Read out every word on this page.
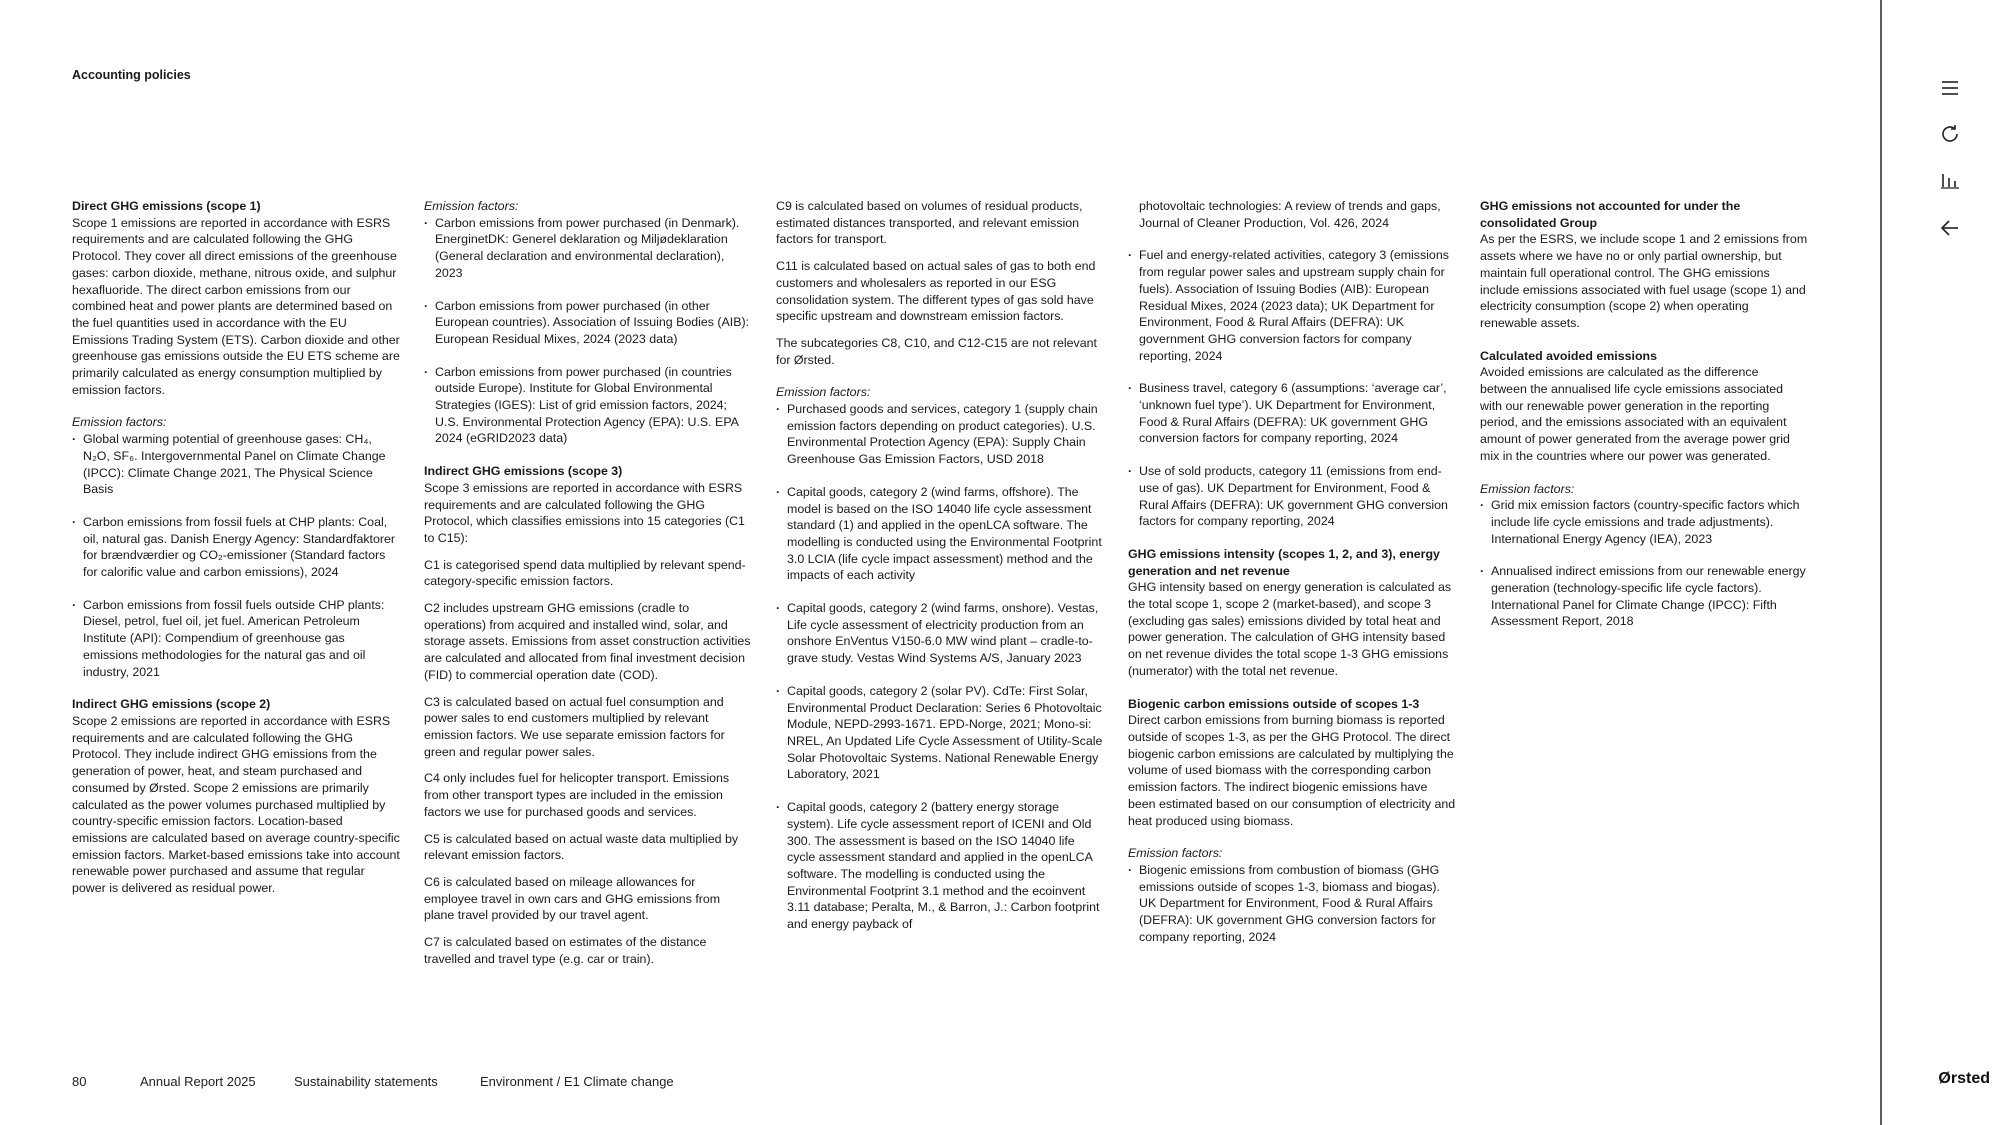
Accounting policies
Direct GHG emissions (scope 1)
Scope 1 emissions are reported in accordance with ESRS requirements and are calculated following the GHG Protocol. They cover all direct emissions of the greenhouse gases: carbon dioxide, methane, nitrous oxide, and sulphur hexafluoride. The direct carbon emissions from our combined heat and power plants are determined based on the fuel quantities used in accordance with the EU Emissions Trading System (ETS). Carbon dioxide and other greenhouse gas emissions outside the EU ETS scheme are primarily calculated as energy consumption multiplied by emission factors.
Emission factors:
· Global warming potential of greenhouse gases: CH₄, N₂O, SF₆. Intergovernmental Panel on Climate Change (IPCC): Climate Change 2021, The Physical Science Basis
· Carbon emissions from fossil fuels at CHP plants: Coal, oil, natural gas. Danish Energy Agency: Standardfaktorer for brændværdier og CO₂-emissioner (Standard factors for calorific value and carbon emissions), 2024
· Carbon emissions from fossil fuels outside CHP plants: Diesel, petrol, fuel oil, jet fuel. American Petroleum Institute (API): Compendium of greenhouse gas emissions methodologies for the natural gas and oil industry, 2021
Indirect GHG emissions (scope 2)
Scope 2 emissions are reported in accordance with ESRS requirements and are calculated following the GHG Protocol. They include indirect GHG emissions from the generation of power, heat, and steam purchased and consumed by Ørsted. Scope 2 emissions are primarily calculated as the power volumes purchased multiplied by country-specific emission factors. Location-based emissions are calculated based on average country-specific emission factors. Market-based emissions take into account renewable power purchased and assume that regular power is delivered as residual power.
Emission factors:
· Carbon emissions from power purchased (in Denmark). EnerginetDK: Generel deklaration og Miljødeklaration (General declaration and environmental declaration), 2023
· Carbon emissions from power purchased (in other European countries). Association of Issuing Bodies (AIB): European Residual Mixes, 2024 (2023 data)
· Carbon emissions from power purchased (in countries outside Europe). Institute for Global Environmental Strategies (IGES): List of grid emission factors, 2024; U.S. Environmental Protection Agency (EPA): U.S. EPA 2024 (eGRID2023 data)
Indirect GHG emissions (scope 3)
Scope 3 emissions are reported in accordance with ESRS requirements and are calculated following the GHG Protocol, which classifies emissions into 15 categories (C1 to C15):

C1 is categorised spend data multiplied by relevant spend-category-specific emission factors.

C2 includes upstream GHG emissions (cradle to operations) from acquired and installed wind, solar, and storage assets. Emissions from asset construction activities are calculated and allocated from final investment decision (FID) to commercial operation date (COD).

C3 is calculated based on actual fuel consumption and power sales to end customers multiplied by relevant emission factors. We use separate emission factors for green and regular power sales.

C4 only includes fuel for helicopter transport. Emissions from other transport types are included in the emission factors we use for purchased goods and services.

C5 is calculated based on actual waste data multiplied by relevant emission factors.

C6 is calculated based on mileage allowances for employee travel in own cars and GHG emissions from plane travel provided by our travel agent.

C7 is calculated based on estimates of the distance travelled and travel type (e.g. car or train).

C9 is calculated based on volumes of residual products, estimated distances transported, and relevant emission factors for transport.

C11 is calculated based on actual sales of gas to both end customers and wholesalers as reported in our ESG consolidation system. The different types of gas sold have specific upstream and downstream emission factors.

The subcategories C8, C10, and C12-C15 are not relevant for Ørsted.

Emission factors:
· Purchased goods and services, category 1 (supply chain emission factors depending on product categories). U.S. Environmental Protection Agency (EPA): Supply Chain Greenhouse Gas Emission Factors, USD 2018
· Capital goods, category 2 (wind farms, offshore). The model is based on the ISO 14040 life cycle assessment standard (1) and applied in the openLCA software. The modelling is conducted using the Environmental Footprint 3.0 LCIA (life cycle impact assessment) method and the impacts of each activity
· Capital goods, category 2 (wind farms, onshore). Vestas, Life cycle assessment of electricity production from an onshore EnVentus V150-6.0 MW wind plant – cradle-to-grave study. Vestas Wind Systems A/S, January 2023
· Capital goods, category 2 (solar PV). CdTe: First Solar, Environmental Product Declaration: Series 6 Photovoltaic Module, NEPD-2993-1671. EPD-Norge, 2021; Mono-si: NREL, An Updated Life Cycle Assessment of Utility-Scale Solar Photovoltaic Systems. National Renewable Energy Laboratory, 2021
· Capital goods, category 2 (battery energy storage system). Life cycle assessment report of ICENI and Old 300. The assessment is based on the ISO 14040 life cycle assessment standard and applied in the openLCA software. The modelling is conducted using the Environmental Footprint 3.1 method and the ecoinvent 3.11 database; Peralta, M., & Barron, J.: Carbon footprint and energy payback of
photovoltaic technologies: A review of trends and gaps, Journal of Cleaner Production, Vol. 426, 2024
· Fuel and energy-related activities, category 3 (emissions from regular power sales and upstream supply chain for fuels). Association of Issuing Bodies (AIB): European Residual Mixes, 2024 (2023 data); UK Department for Environment, Food & Rural Affairs (DEFRA): UK government GHG conversion factors for company reporting, 2024
· Business travel, category 6 (assumptions: ‘average car’, ‘unknown fuel type’). UK Department for Environment, Food & Rural Affairs (DEFRA): UK government GHG conversion factors for company reporting, 2024
· Use of sold products, category 11 (emissions from end-use of gas). UK Department for Environment, Food & Rural Affairs (DEFRA): UK government GHG conversion factors for company reporting, 2024
GHG emissions intensity (scopes 1, 2, and 3), energy generation and net revenue
GHG intensity based on energy generation is calculated as the total scope 1, scope 2 (market-based), and scope 3 (excluding gas sales) emissions divided by total heat and power generation. The calculation of GHG intensity based on net revenue divides the total scope 1-3 GHG emissions (numerator) with the total net revenue.
Biogenic carbon emissions outside of scopes 1-3
Direct carbon emissions from burning biomass is reported outside of scopes 1-3, as per the GHG Protocol. The direct biogenic carbon emissions are calculated by multiplying the volume of used biomass with the corresponding carbon emission factors. The indirect biogenic emissions have been estimated based on our consumption of electricity and heat produced using biomass.
Emission factors:
· Biogenic emissions from combustion of biomass (GHG emissions outside of scopes 1-3, biomass and biogas). UK Department for Environment, Food & Rural Affairs (DEFRA): UK government GHG conversion factors for company reporting, 2024
GHG emissions not accounted for under the consolidated Group
As per the ESRS, we include scope 1 and 2 emissions from assets where we have no or only partial ownership, but maintain full operational control. The GHG emissions include emissions associated with fuel usage (scope 1) and electricity consumption (scope 2) when operating renewable assets.
Calculated avoided emissions
Avoided emissions are calculated as the difference between the annualised life cycle emissions associated with our renewable power generation in the reporting period, and the emissions associated with an equivalent amount of power generated from the average power grid mix in the countries where our power was generated.
Emission factors:
· Grid mix emission factors (country-specific factors which include life cycle emissions and trade adjustments). International Energy Agency (IEA), 2023
· Annualised indirect emissions from our renewable energy generation (technology-specific life cycle factors). International Panel for Climate Change (IPCC): Fifth Assessment Report, 2018
80	Annual Report 2025	Sustainability statements	Environment / E1 Climate change	Ørsted
